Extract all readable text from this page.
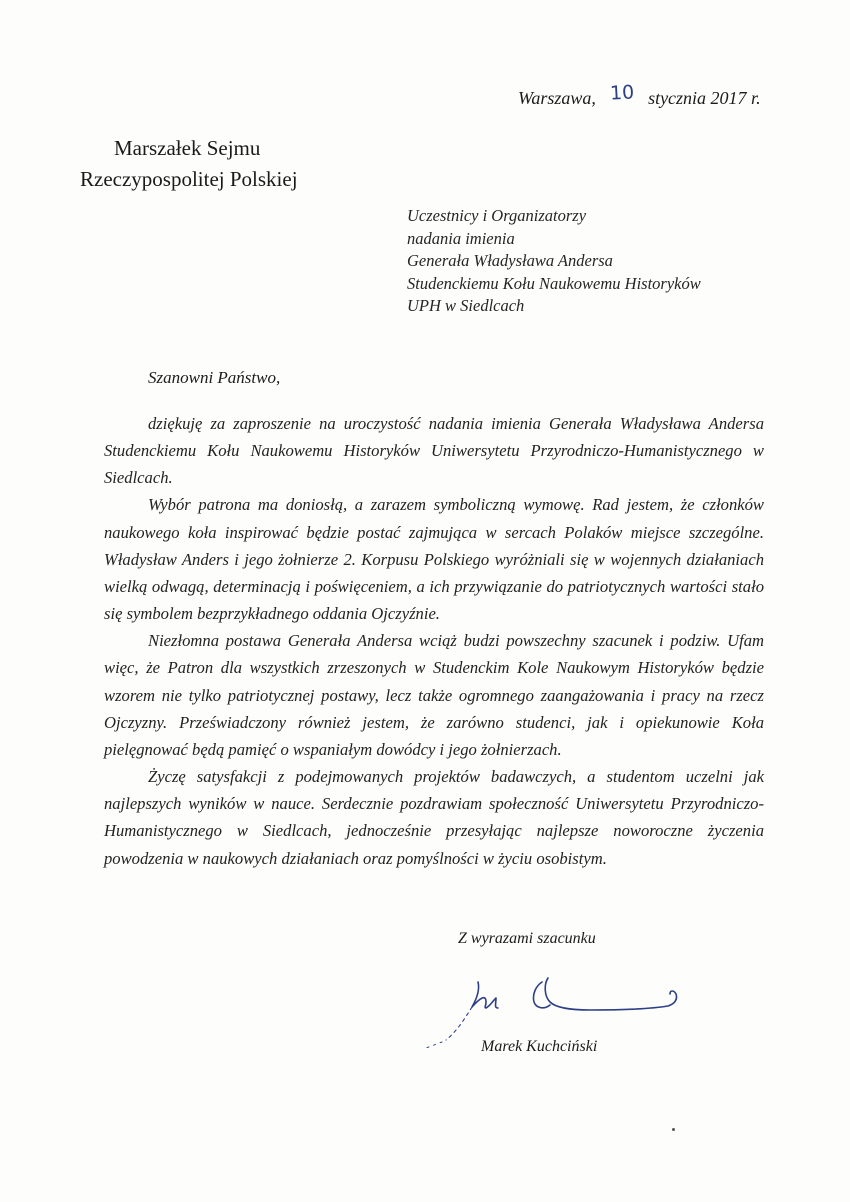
Warszawa, 10 stycznia 2017 r.
Marszałek Sejmu
Rzeczypospolitej Polskiej
Uczestnicy i Organizatorzy
nadania imienia
Generała Władysława Andersa
Studenckiemu Kołu Naukowemu Historyków
UPH w Siedlcach
Szanowni Państwo,

dziękuję za zaproszenie na uroczystość nadania imienia Generała Władysława Andersa Studenckiemu Kołu Naukowemu Historyków Uniwersytetu Przyrodniczo-Humanistycznego w Siedlcach.

Wybór patrona ma doniosłą, a zarazem symboliczną wymowę. Rad jestem, że członków naukowego koła inspirować będzie postać zajmująca w sercach Polaków miejsce szczególne. Władysław Anders i jego żołnierze 2. Korpusu Polskiego wyróżniali się w wojennych działaniach wielką odwagą, determinacją i poświęceniem, a ich przywiązanie do patriotycznych wartości stało się symbolem bezprzykładnego oddania Ojczyźnie.

Niezłomna postawa Generała Andersa wciąż budzi powszechny szacunek i podziw. Ufam więc, że Patron dla wszystkich zrzeszonych w Studenckim Kole Naukowym Historyków będzie wzorem nie tylko patriotycznej postawy, lecz także ogromnego zaangażowania i pracy na rzecz Ojczyzny. Przeświadczony również jestem, że zarówno studenci, jak i opiekunowie Koła pielęgnować będą pamięć o wspaniałym dowódcy i jego żołnierzach.

Życzę satysfakcji z podejmowanych projektów badawczych, a studentom uczelni jak najlepszych wyników w nauce. Serdecznie pozdrawiam społeczność Uniwersytetu Przyrodniczo-Humanistycznego w Siedlcach, jednocześnie przesyłając najlepsze noworoczne życzenia powodzenia w naukowych działaniach oraz pomyślności w życiu osobistym.

Z wyrazami szacunku
Marek Kuchciński
